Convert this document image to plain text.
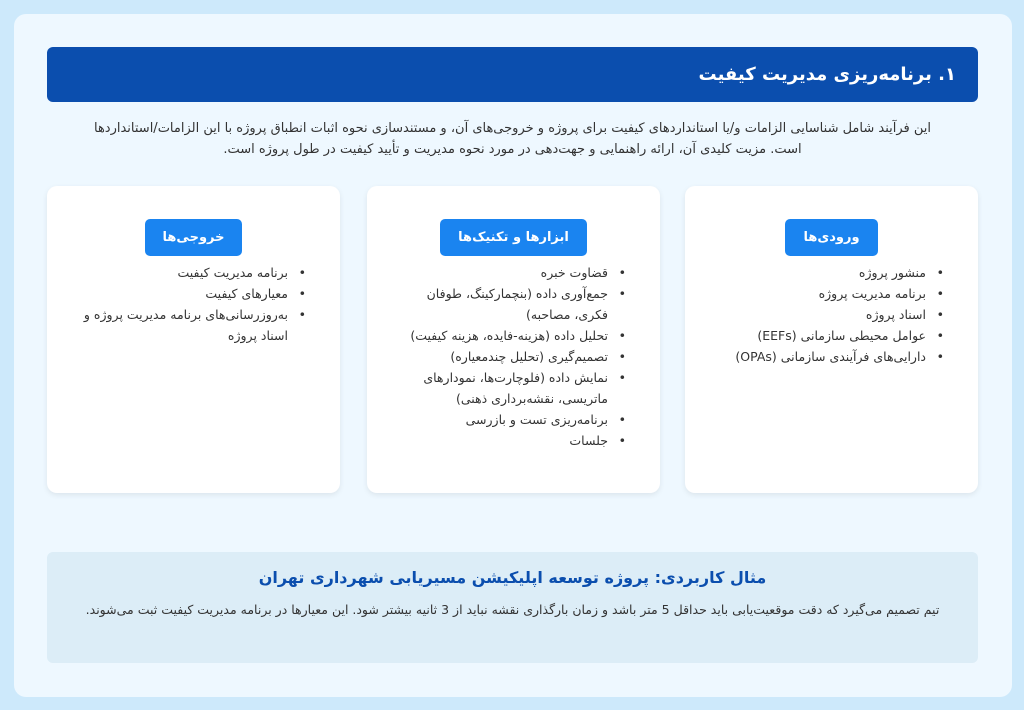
۱. برنامه‌ریزی مدیریت کیفیت

این فرآیند شامل شناسایی الزامات و/یا استانداردهای کیفیت برای پروژه و خروجی‌های آن، و مستندسازی نحوه اثبات انطباق پروژه با این الزامات/استانداردها است. مزیت کلیدی آن، ارائه راهنمایی و جهت‌دهی در مورد نحوه مدیریت و تأیید کیفیت در طول پروژه است.

ورودی‌ها
• منشور پروژه
• برنامه مدیریت پروژه
• اسناد پروژه
• عوامل محیطی سازمانی (EEFs)
• دارایی‌های فرآیندی سازمانی (OPAs)
ابزارها و تکنیک‌ها
• قضاوت خبره
• جمع‌آوری داده (بنچمارکینگ، طوفان فکری، مصاحبه)
• تحلیل داده (هزینه-فایده، هزینه کیفیت)
• تصمیم‌گیری (تحلیل چندمعیاره)
• نمایش داده (فلوچارت‌ها، نمودارهای ماتریسی، نقشه‌برداری ذهنی)
• برنامه‌ریزی تست و بازرسی
• جلسات
خروجی‌ها
• برنامه مدیریت کیفیت
• معیارهای کیفیت
• به‌روزرسانی‌های برنامه مدیریت پروژه و اسناد پروژه
مثال کاربردی: پروژه توسعه اپلیکیشن مسیریابی شهرداری تهران

تیم تصمیم می‌گیرد که دقت موقعیت‌یابی باید حداقل 5 متر باشد و زمان بارگذاری نقشه نباید از 3 ثانیه بیشتر شود. این معیارها در برنامه مدیریت کیفیت ثبت می‌شوند.
